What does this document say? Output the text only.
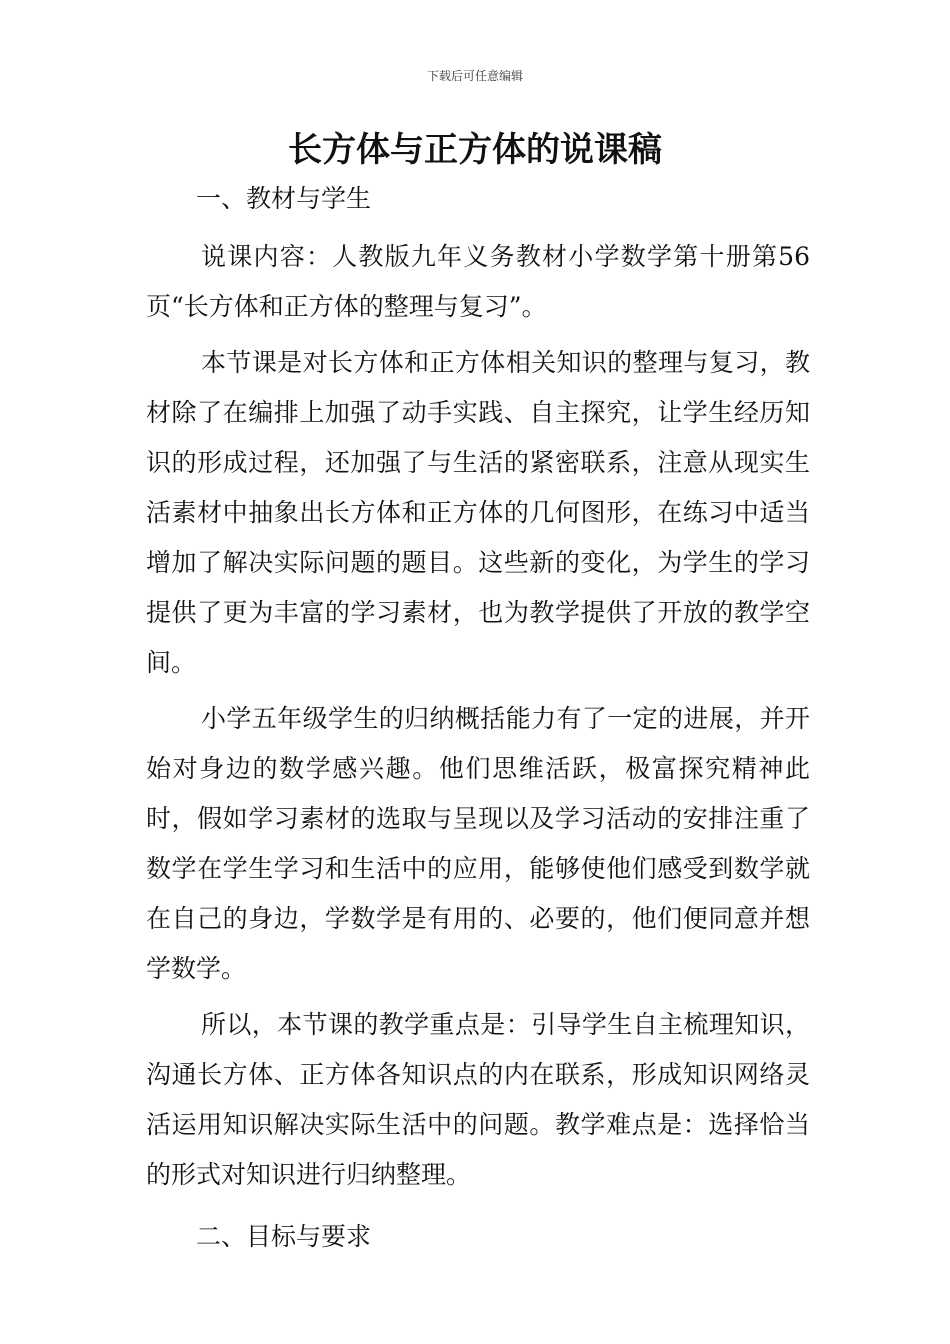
下载后可任意编辑
长方体与正方体的说课稿
一、教材与学生

说课内容：人教版九年义务教材小学数学第十册第56页“长方体和正方体的整理与复习”。

本节课是对长方体和正方体相关知识的整理与复习，教材除了在编排上加强了动手实践、自主探究，让学生经历知识的形成过程，还加强了与生活的紧密联系，注意从现实生活素材中抽象出长方体和正方体的几何图形，在练习中适当增加了解决实际问题的题目。这些新的变化，为学生的学习提供了更为丰富的学习素材，也为教学提供了开放的教学空间。

小学五年级学生的归纳概括能力有了一定的进展，并开始对身边的数学感兴趣。他们思维活跃，极富探究精神此时，假如学习素材的选取与呈现以及学习活动的安排注重了数学在学生学习和生活中的应用，能够使他们感受到数学就在自己的身边，学数学是有用的、必要的，他们便同意并想学数学。

所以，本节课的教学重点是：引导学生自主梳理知识，沟通长方体、正方体各知识点的内在联系，形成知识网络灵活运用知识解决实际生活中的问题。教学难点是：选择恰当的形式对知识进行归纳整理。

二、目标与要求
